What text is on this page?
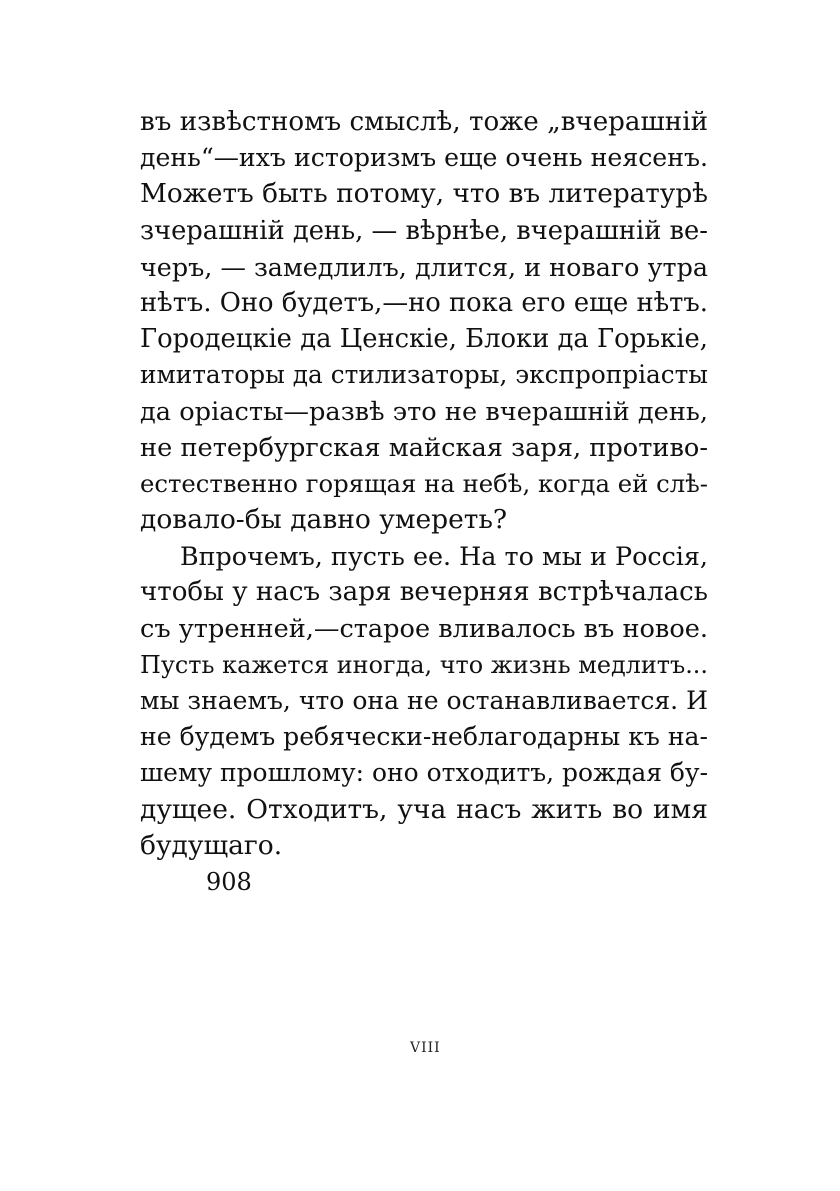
въ извѣстномъ смыслѣ, тоже „вчерашній
день“—ихъ историзмъ еще очень неясенъ.
Можетъ быть потому, что въ литературѣ
зчерашній день, — вѣрнѣе, вчерашній ве-
черъ, — замедлилъ, длится, и новаго утра
нѣтъ. Оно будетъ,—но пока его еще нѣтъ.
Городецкіе да Ценскіе, Блоки да Горькіе,
имитаторы да стилизаторы, экспропріасты
да оріасты—развѣ это не вчерашній день,
не петербургская майская заря, противо-
естественно горящая на небѣ, когда ей слѣ-
довало-бы давно умереть?
Впрочемъ, пусть ее. На то мы и Россія,
чтобы у насъ заря вечерняя встрѣчалась
съ утренней,—старое вливалось въ новое.
Пусть кажется иногда, что жизнь медлитъ...
мы знаемъ, что она не останавливается. И
не будемъ ребячески-неблагодарны къ на-
шему прошлому: оно отходитъ, рождая бу-
дущее. Отходитъ, уча насъ жить во имя
будущаго.
908
VIII
